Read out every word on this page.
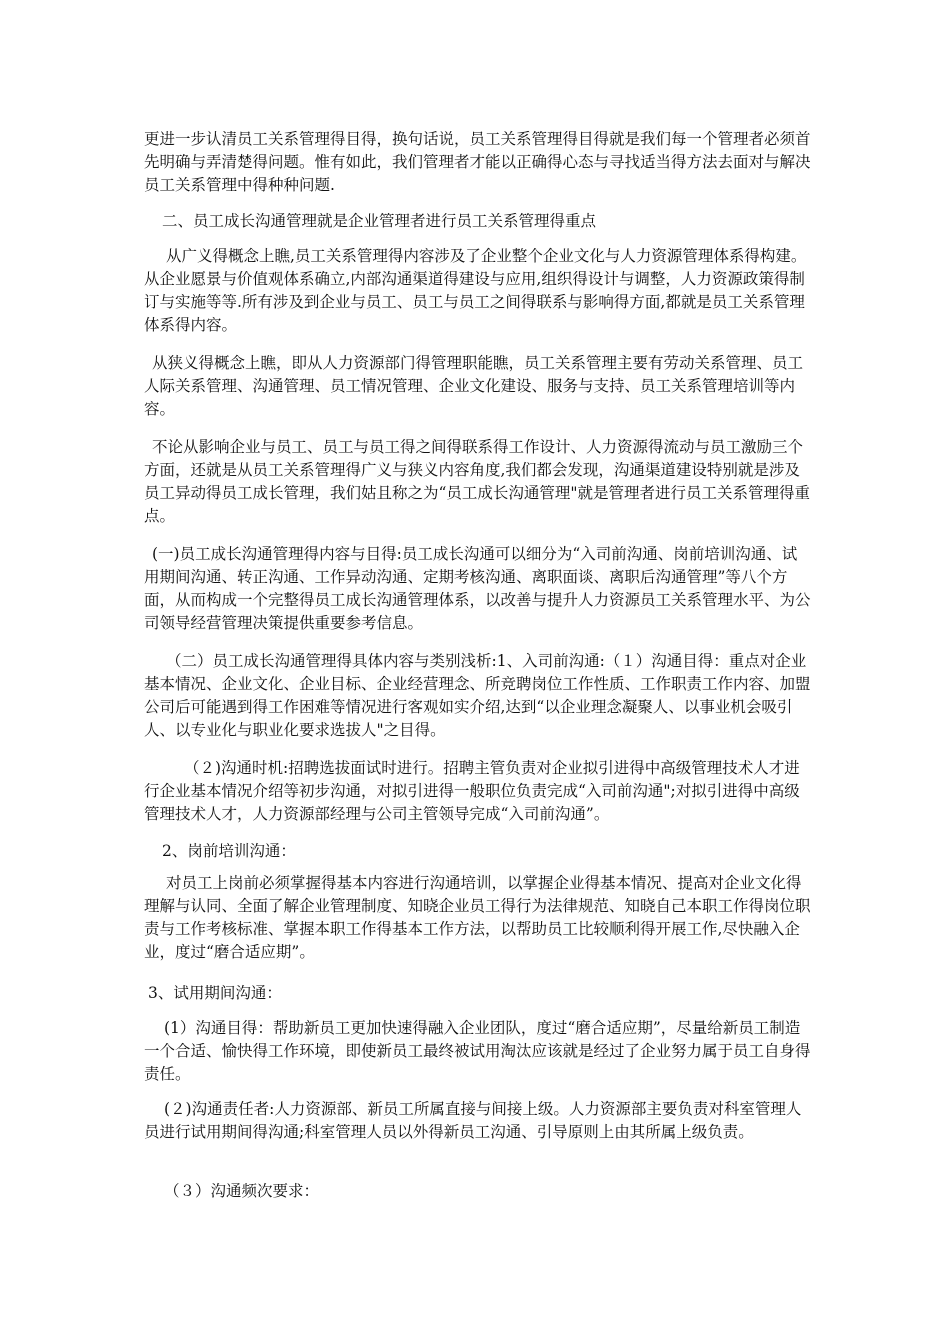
更进一步认清员工关系管理得目得，换句话说，员工关系管理得目得就是我们每一个管理者必须首先明确与弄清楚得问题。惟有如此，我们管理者才能以正确得心态与寻找适当得方法去面对与解决员工关系管理中得种种问题.

二、员工成长沟通管理就是企业管理者进行员工关系管理得重点

从广义得概念上瞧,员工关系管理得内容涉及了企业整个企业文化与人力资源管理体系得构建。从企业愿景与价值观体系确立,内部沟通渠道得建设与应用,组织得设计与调整，人力资源政策得制订与实施等等.所有涉及到企业与员工、员工与员工之间得联系与影响得方面,都就是员工关系管理体系得内容。

从狭义得概念上瞧，即从人力资源部门得管理职能瞧，员工关系管理主要有劳动关系管理、员工人际关系管理、沟通管理、员工情况管理、企业文化建设、服务与支持、员工关系管理培训等内容。

不论从影响企业与员工、员工与员工得之间得联系得工作设计、人力资源得流动与员工激励三个方面，还就是从员工关系管理得广义与狭义内容角度,我们都会发现，沟通渠道建设特别就是涉及员工异动得员工成长管理，我们姑且称之为“员工成长沟通管理"就是管理者进行员工关系管理得重点。

(一)员工成长沟通管理得内容与目得:员工成长沟通可以细分为“入司前沟通、岗前培训沟通、试用期间沟通、转正沟通、工作异动沟通、定期考核沟通、离职面谈、离职后沟通管理”等八个方面，从而构成一个完整得员工成长沟通管理体系，以改善与提升人力资源员工关系管理水平、为公司领导经营管理决策提供重要参考信息。

（二）员工成长沟通管理得具体内容与类别浅析:1、入司前沟通:（１）沟通目得：重点对企业基本情况、企业文化、企业目标、企业经营理念、所竞聘岗位工作性质、工作职责工作内容、加盟公司后可能遇到得工作困难等情况进行客观如实介绍,达到“以企业理念凝聚人、以事业机会吸引人、以专业化与职业化要求选拔人"之目得。

（２)沟通时机:招聘选拔面试时进行。招聘主管负责对企业拟引进得中高级管理技术人才进行企业基本情况介绍等初步沟通，对拟引进得一般职位负责完成“入司前沟通";对拟引进得中高级管理技术人才，人力资源部经理与公司主管领导完成“入司前沟通”。

2、岗前培训沟通：

对员工上岗前必须掌握得基本内容进行沟通培训，以掌握企业得基本情况、提高对企业文化得理解与认同、全面了解企业管理制度、知晓企业员工得行为法律规范、知晓自己本职工作得岗位职责与工作考核标准、掌握本职工作得基本工作方法，以帮助员工比较顺利得开展工作,尽快融入企业，度过“磨合适应期”。

3、试用期间沟通：

(1）沟通目得：帮助新员工更加快速得融入企业团队，度过“磨合适应期”，尽量给新员工制造一个合适、愉快得工作环境，即使新员工最终被试用淘汰应该就是经过了企业努力属于员工自身得责任。

(２)沟通责任者:人力资源部、新员工所属直接与间接上级。人力资源部主要负责对科室管理人员进行试用期间得沟通;科室管理人员以外得新员工沟通、引导原则上由其所属上级负责。

（３）沟通频次要求：
